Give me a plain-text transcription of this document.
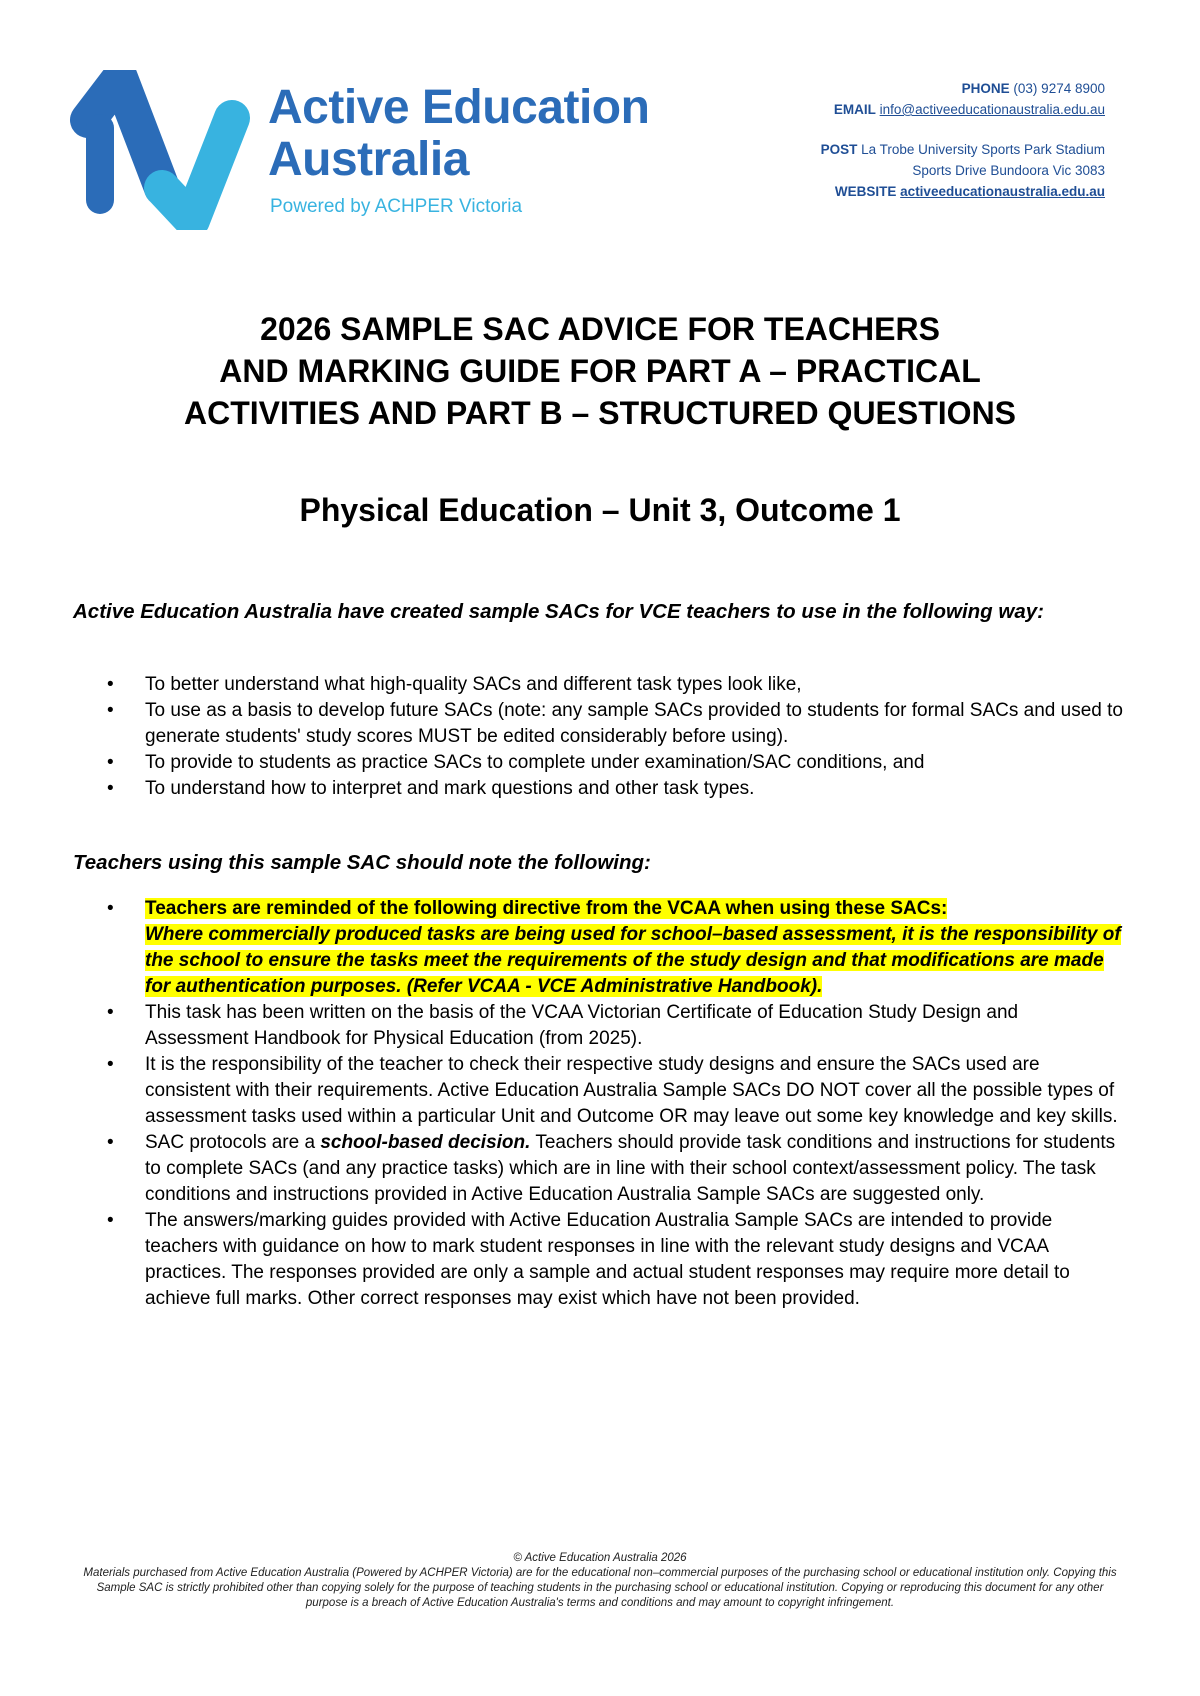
Active Education
Australia
Powered by ACHPER Victoria
PHONE (03) 9274 8900
EMAIL info@activeeducationaustralia.edu.au
POST La Trobe University Sports Park Stadium
Sports Drive Bundoora Vic 3083
WEBSITE activeeducationaustralia.edu.au
2026 SAMPLE SAC ADVICE FOR TEACHERS
AND MARKING GUIDE FOR PART A – PRACTICAL
ACTIVITIES AND PART B – STRUCTURED QUESTIONS
Physical Education – Unit 3, Outcome 1
Active Education Australia have created sample SACs for VCE teachers to use in the following way:
• To better understand what high-quality SACs and different task types look like,
• To use as a basis to develop future SACs (note: any sample SACs provided to students for formal SACs and used to generate students' study scores MUST be edited considerably before using).
• To provide to students as practice SACs to complete under examination/SAC conditions, and
• To understand how to interpret and mark questions and other task types.
Teachers using this sample SAC should note the following:
• Teachers are reminded of the following directive from the VCAA when using these SACs:
Where commercially produced tasks are being used for school–based assessment, it is the responsibility of the school to ensure the tasks meet the requirements of the study design and that modifications are made for authentication purposes. (Refer VCAA - VCE Administrative Handbook).
• This task has been written on the basis of the VCAA Victorian Certificate of Education Study Design and Assessment Handbook for Physical Education (from 2025).
• It is the responsibility of the teacher to check their respective study designs and ensure the SACs used are consistent with their requirements. Active Education Australia Sample SACs DO NOT cover all the possible types of assessment tasks used within a particular Unit and Outcome OR may leave out some key knowledge and key skills.
• SAC protocols are a school-based decision. Teachers should provide task conditions and instructions for students to complete SACs (and any practice tasks) which are in line with their school context/assessment policy. The task conditions and instructions provided in Active Education Australia Sample SACs are suggested only.
• The answers/marking guides provided with Active Education Australia Sample SACs are intended to provide teachers with guidance on how to mark student responses in line with the relevant study designs and VCAA practices. The responses provided are only a sample and actual student responses may require more detail to achieve full marks. Other correct responses may exist which have not been provided.
© Active Education Australia 2026
Materials purchased from Active Education Australia (Powered by ACHPER Victoria) are for the educational non–commercial purposes of the purchasing school or educational institution only. Copying this Sample SAC is strictly prohibited other than copying solely for the purpose of teaching students in the purchasing school or educational institution. Copying or reproducing this document for any other purpose is a breach of Active Education Australia's terms and conditions and may amount to copyright infringement.
